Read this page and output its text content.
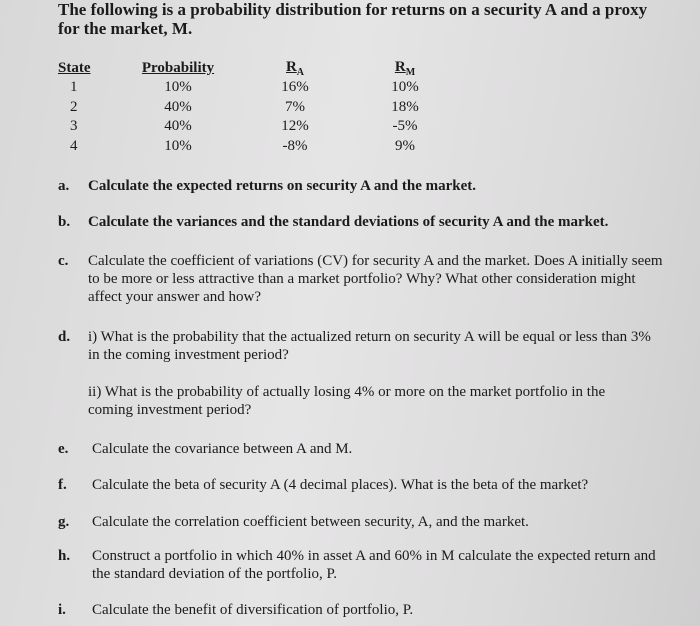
The following is a probability distribution for returns on a security A and a proxy for the market, M.
State	Probability	$R_A$	$R_M$
1	10%	16%	10%
2	40%	7%	18%
3	40%	12%	-5%
4	10%	-8%	9%
a.	Calculate the expected returns on security A and the market.
b.	Calculate the variances and the standard deviations of security A and the market.
c.	Calculate the coefficient of variations (CV) for security A and the market. Does A initially seem to be more or less attractive than a market portfolio? Why? What other consideration might affect your answer and how?
d.	i) What is the probability that the actualized return on security A will be equal or less than 3% in the coming investment period?
ii) What is the probability of actually losing 4% or more on the market portfolio in the coming investment period?
e.	Calculate the covariance between A and M.
f.	Calculate the beta of security A (4 decimal places). What is the beta of the market?
g.	Calculate the correlation coefficient between security, A, and the market.
h.	Construct a portfolio in which 40% in asset A and 60% in M calculate the expected return and the standard deviation of the portfolio, P.
i.	Calculate the benefit of diversification of portfolio, P.
